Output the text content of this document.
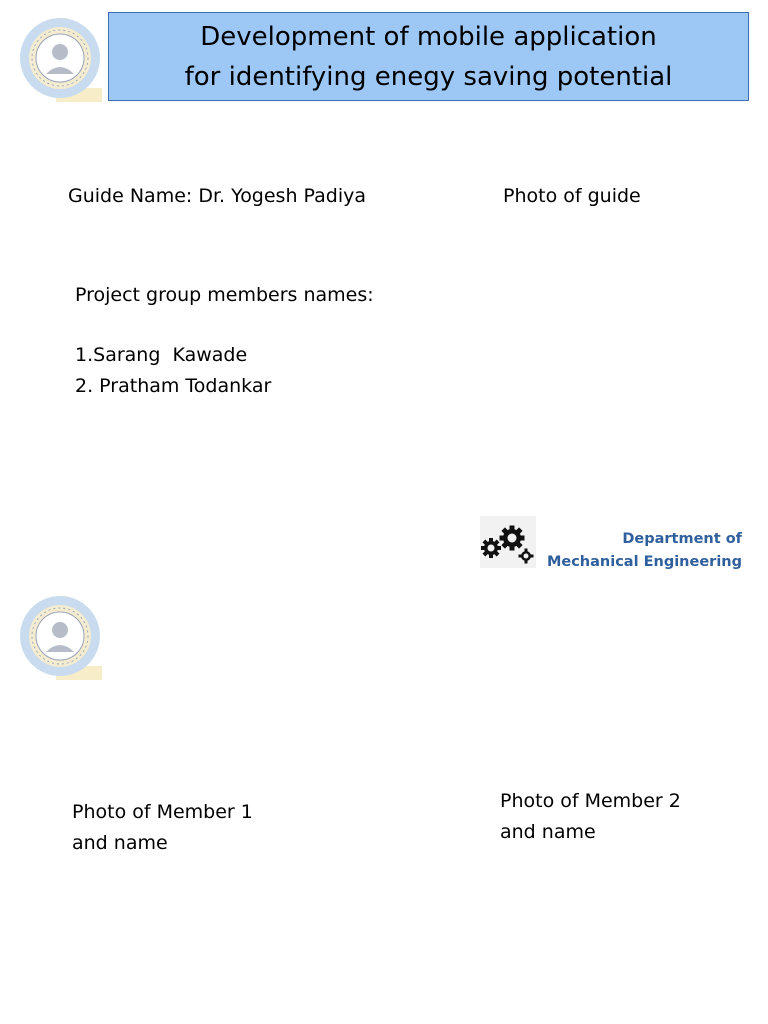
Development of mobile application
for identifying enegy saving potential
Guide Name: Dr. Yogesh Padiya	Photo of guide
Project group members names:
1.Sarang  Kawade
2. Pratham Todankar
Department of
Mechanical Engineering
Photo of Member 1
and name
Photo of Member 2
and name
